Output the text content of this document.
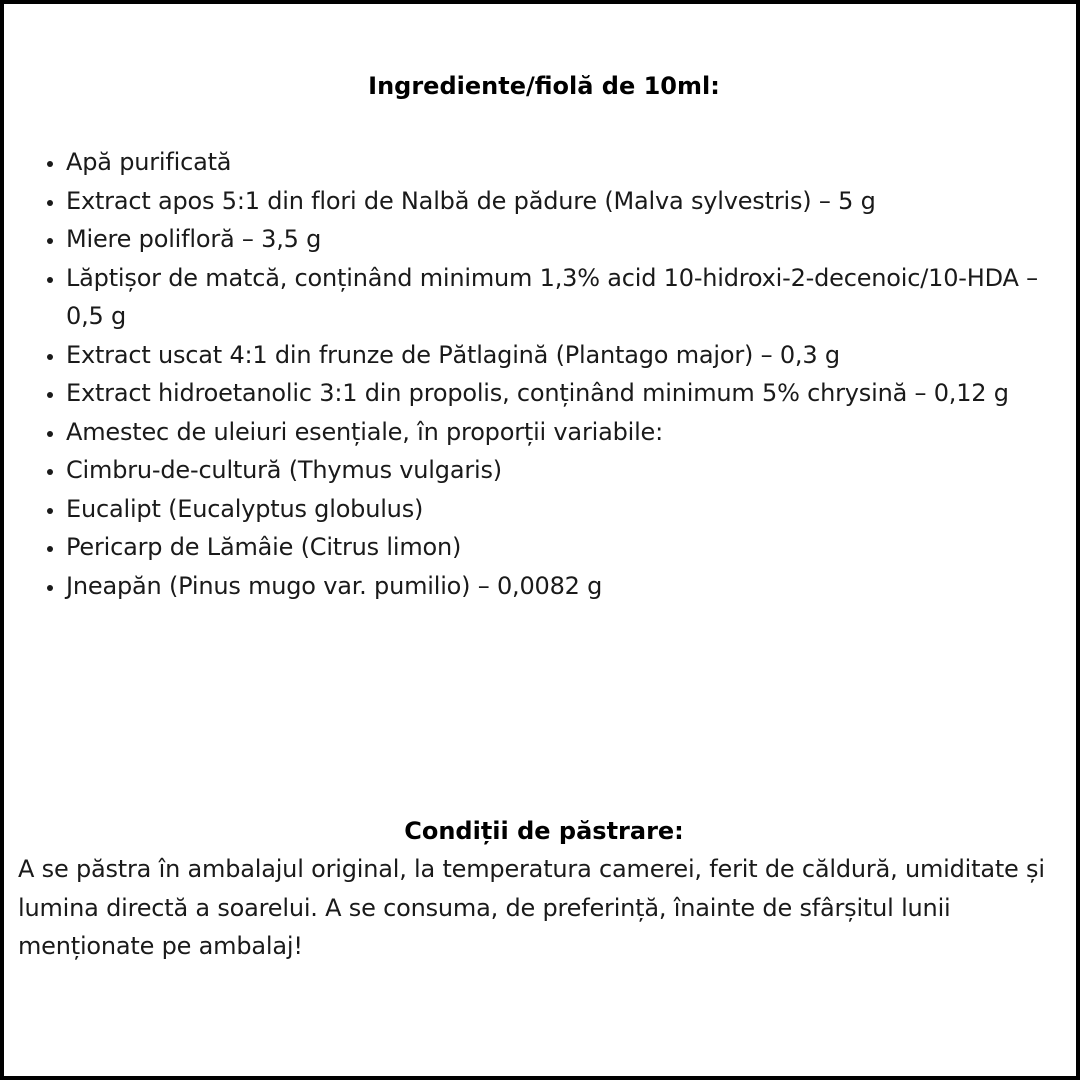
Ingrediente/fiolă de 10ml:
• Apă purificată
• Extract apos 5:1 din flori de Nalbă de pădure (Malva sylvestris) – 5 g
• Miere poliflоră – 3,5 g
• Lăptișor de matcă, conținând minimum 1,3% acid 10-hidroxi-2-decenoic/10-HDA – 0,5 g
• Extract uscat 4:1 din frunze de Pătlagină (Plantago major) – 0,3 g
• Extract hidroetanolic 3:1 din propolis, conținând minimum 5% chrysină – 0,12 g
• Amestec de uleiuri esențiale, în proporții variabile:
• Cimbru-de-cultură (Thymus vulgaris)
• Eucalipt (Eucalyptus globulus)
• Pericarp de Lămâie (Citrus limon)
• Jneapăn (Pinus mugo var. pumilio) – 0,0082 g
Condiții de păstrare:

A se păstra în ambalajul original, la temperatura camerei, ferit de căldură, umiditate și lumina directă a soarelui. A se consuma, de preferință, înainte de sfârșitul lunii menționate pe ambalaj!
